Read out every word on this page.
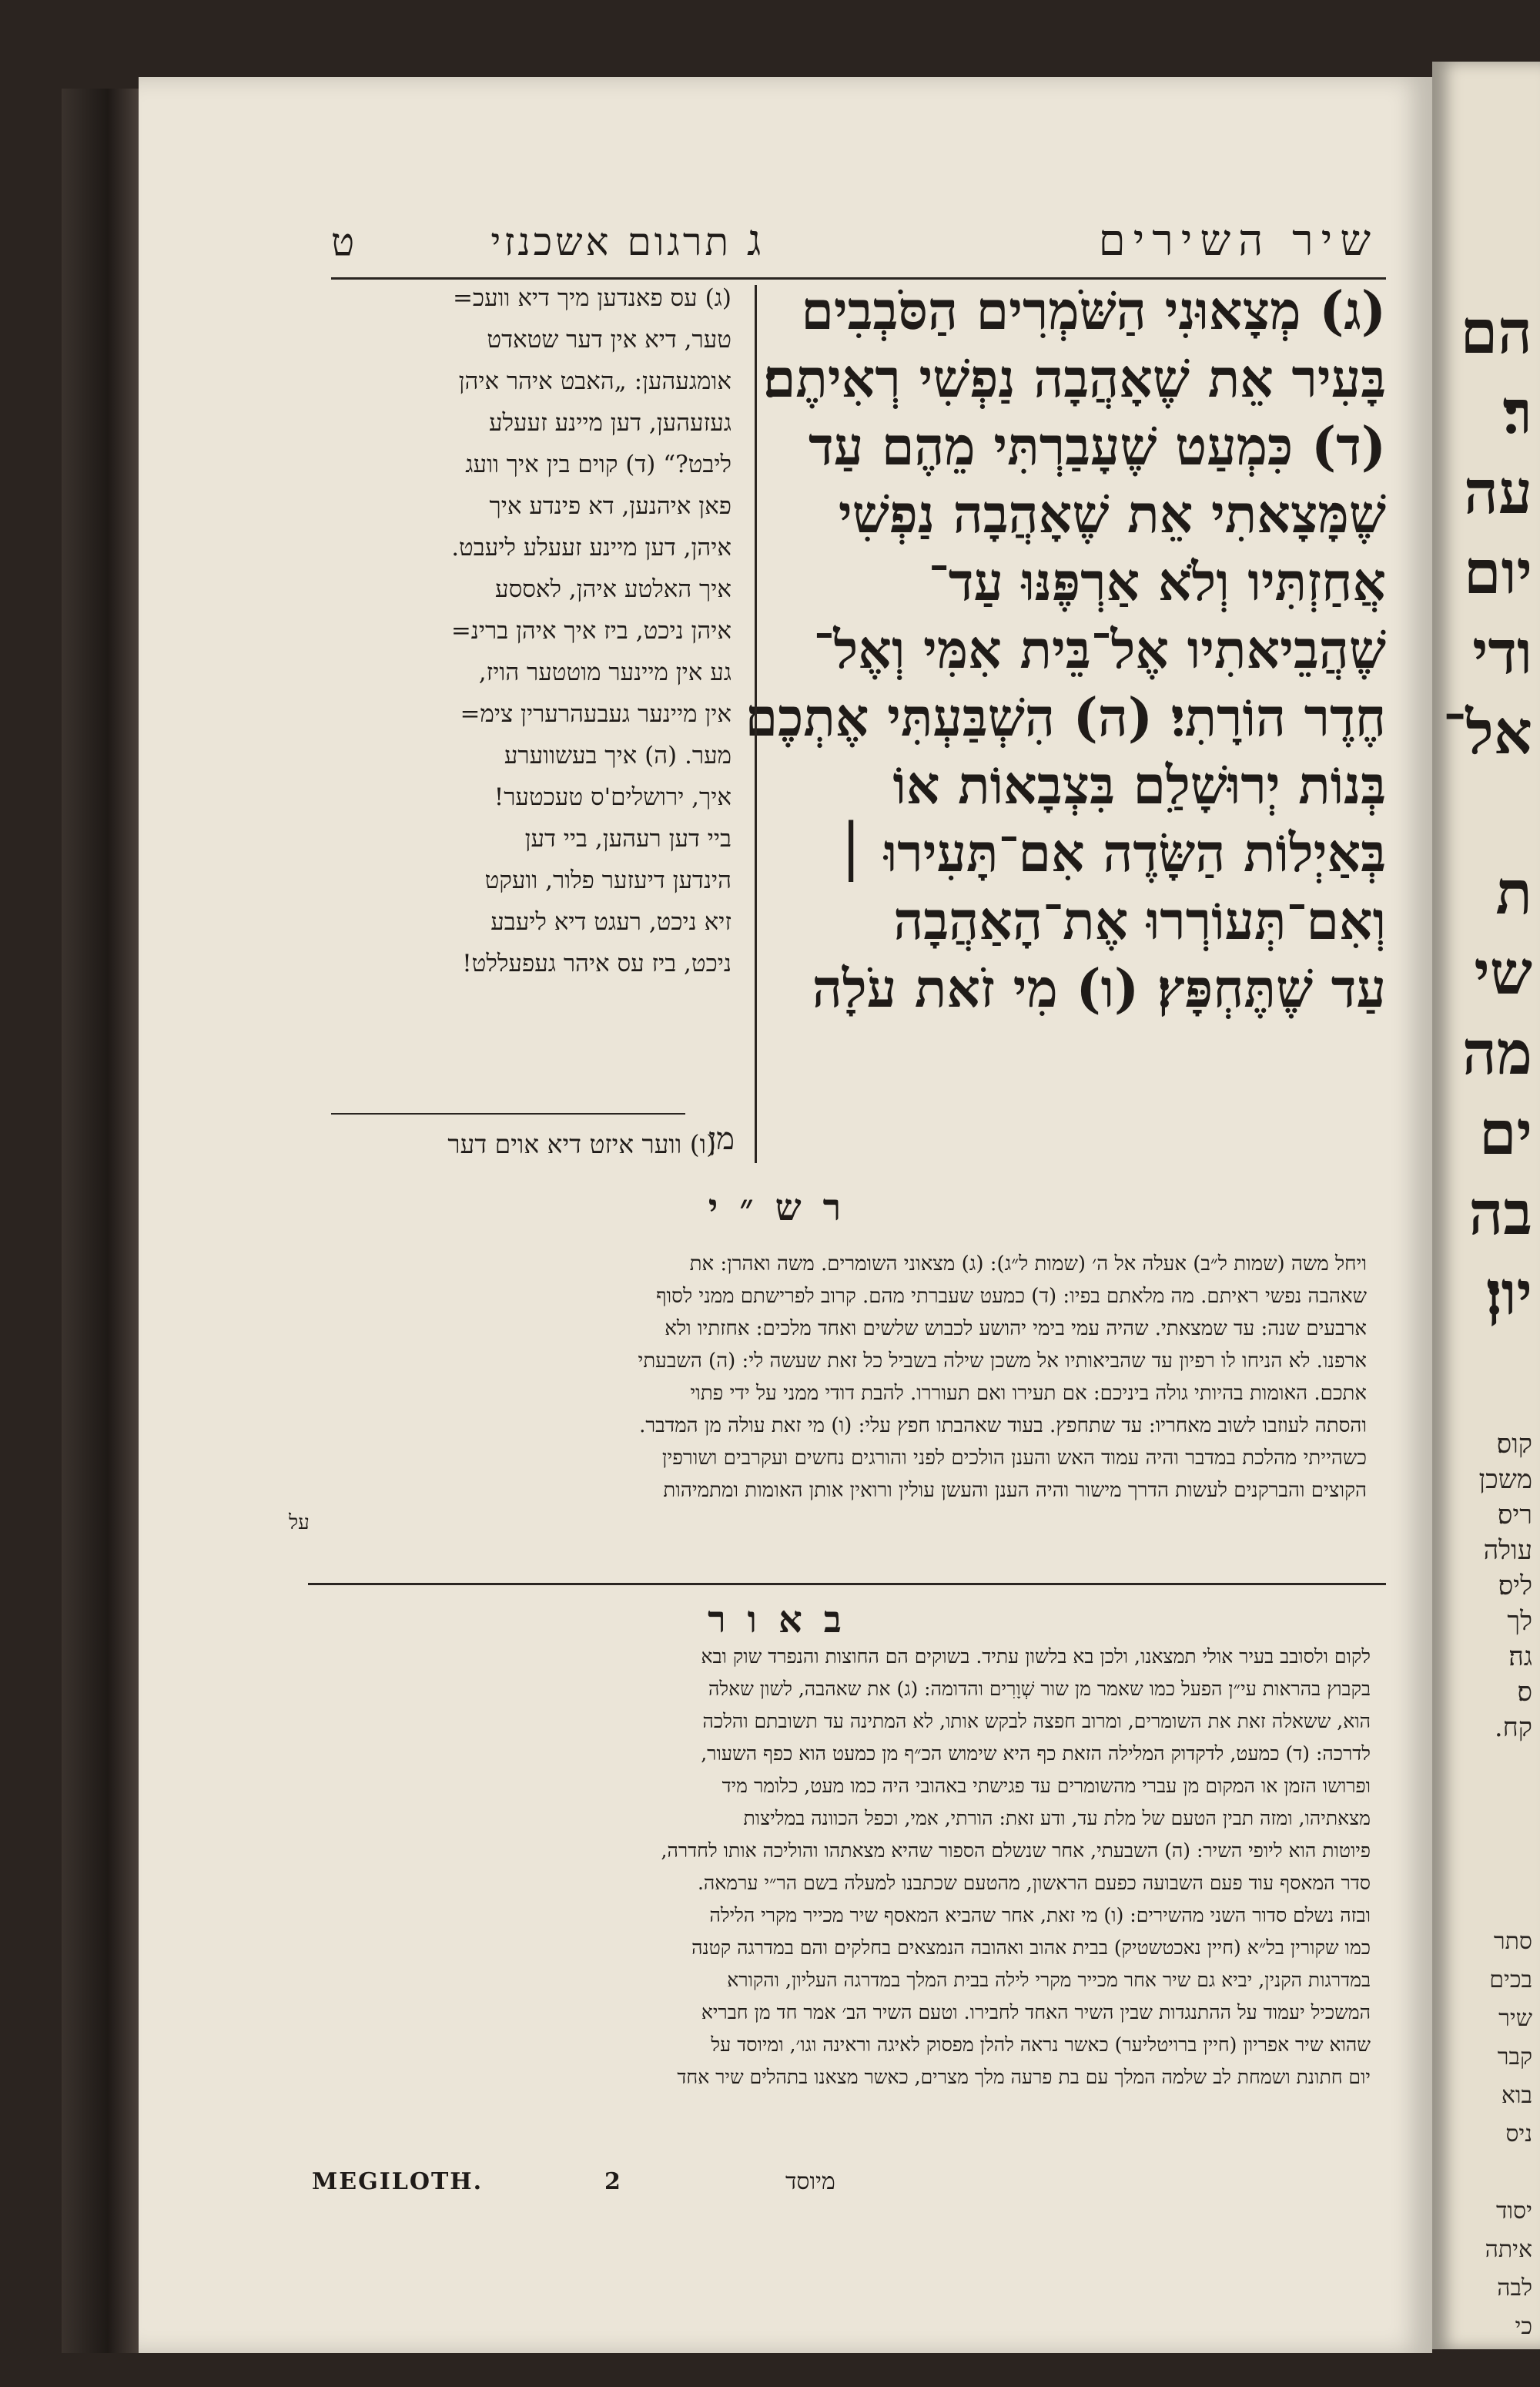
הם
ר׃
עה
יום
ודי
אל־

ת
שי
מה
ים
בה
יון׃
קוס׃
משכן
ריס׃
עולה
ליס׃
לך
גה׃
ס׃
קח.
סתר
בכים
שיר
קבר
בוא
ניס

יסוד
איתה
לבה
כי
שיר השירים
ג
תרגום אשכנזי
ט
(ג) מְצָאוּנִי הַשֹּׁמְרִים הַסֹּבְבִים
בָּעִיר אֵת שֶׁאָהֲבָה נַפְשִׁי רְאִיתֶם׃
(ד) כִּמְעַט שֶׁעָבַרְתִּי מֵהֶם עַד
שֶׁמָּצָאתִי אֵת שֶׁאָהֲבָה נַפְשִׁי
אֲחַזְתִּיו וְלֹא אַרְפֶּנּוּ עַד־
שֶׁהֲבֵיאתִיו אֶל־בֵּית אִמִּי וְאֶל־
חֶדֶר הוֹרָתִי׃ (ה) הִשְׁבַּעְתִּי אֶתְכֶם
בְּנוֹת יְרוּשָׁלִַם בִּצְבָאוֹת אוֹ
בְּאַיְלוֹת הַשָּׂדֶה אִם־תָּעִירוּ ׀
וְאִם־תְּעוֹרְרוּ אֶת־הָאַהֲבָה
עַד שֶׁתֶּחְפָּץ׃ (ו) מִי זֹאת עֹלָה
(ג) עס פאנדען מיך דיא וועכ=
טער, דיא אין דער שטאדט
אומגעהען: „האבט איהר איהן
געזעהען, דען מיינע זעעלע
ליבט?“ (ד) קוים בין איך וועג
פאן איהנען, דא פינדע איך
איהן, דען מיינע זעעלע ליעבט.
איך האלטע איהן, לאססע
איהן ניכט, ביז איך איהן ברינ=
גע אין מיינער מוטטער הויז,
אין מיינער געבעהרערין צימ=
מער. (ה) איך בעשווערע
איך, ירושלים'ס טעכטער!
ביי דען רעהען, ביי דען
הינדען דיעזער פלור, וועקט
זיא ניכט, רעגט דיא ליעבע
ניכט, ביז עס איהר געפעללט!
(ו) ווער איזט דיא אוים דער
מן
רש״י
ויחל משה (שמות ל״ב) אעלה אל ה׳ (שמות ל״ג): (ג) מצאוני השומרים. משה ואהרן: את
שאהבה נפשי ראיתם. מה מלאתם בפיו: (ד) כמעט שעברתי מהם. קרוב לפרישתם ממני לסוף
ארבעים שנה: עד שמצאתי. שהיה עמי בימי יהושע לכבוש שלשים ואחד מלכים: אחזתיו ולא
ארפנו. לא הניחו לו רפיון עד שהביאותיו אל משכן שילה בשביל כל זאת שעשה לי: (ה) השבעתי
אתכם. האומות בהיותי גולה ביניכם: אם תעירו ואם תעוררו. להבת דודי ממני על ידי פתוי
והסתה לעוזבו לשוב מאחריו: עד שתחפץ. בעוד שאהבתו חפץ עלי: (ו) מי זאת עולה מן המדבר.
כשהייתי מהלכת במדבר והיה עמוד האש והענן הולכים לפני והורגים נחשים ועקרבים ושורפין
הקוצים והברקנים לעשות הדרך מישור והיה הענן והעשן עולין ורואין אותן האומות ומתמיהות
על
באור
לקום ולסובב בעיר אולי תמצאנו, ולכן בא בלשון עתיד. בשוקים הם החוצות והנפרד שוק ובא
בקבוץ בהראות עי״ן הפעל כמו שאמר מן שור שְׁוָרִים והדומה: (ג) את שאהבה, לשון שאלה
הוא, ששאלה זאת את השומרים, ומרוב חפצה לבקש אותו, לא המתינה עד תשובתם והלכה
לדרכה: (ד) כמעט, לדקדוק המלילה הזאת כף היא שימוש הכ״ף מן כמעט הוא כפף השעור,
ופרושו הזמן או המקום מן עברי מהשומרים עד פגישתי באהובי היה כמו מעט, כלומר מיד
מצאתיהו, ומזה תבין הטעם של מלת עד, ודע זאת: הורתי, אמי, וכפל הכוונה במליצות
פיוטות הוא ליופי השיר: (ה) השבעתי, אחר שנשלם הספור שהיא מצאתהו והוליכה אותו לחדרה,
סדר המאסף עוד פעם השבועה כפעם הראשון, מהטעם שכתבנו למעלה בשם הר״י ערמאה.
ובזה נשלם סדור השני מהשירים: (ו) מי זאת, אחר שהביא המאסף שיר מכייר מקרי הלילה
כמו שקורין בל״א (חיין נאכטשטיק) בבית אהוב ואהובה הנמצאים בחלקים והם במדרגה קטנה
במדרגות הקנין, יביא גם שיר אחר מכייר מקרי לילה בבית המלך במדרגה העליון, והקורא
המשכיל יעמוד על ההתנגדות שבין השיר האחד לחבירו. וטעם השיר הב׳ אמר חד מן חבריא
שהוא שיר אפריון (חיין ברויטליער) כאשר נראה להלן מפסוק לאיגה וראינה וגו׳, ומיוסד על
יום חתונת ושמחת לב שלמה המלך עם בת פרעה מלך מצרים, כאשר מצאנו בתהלים שיר אחד
MEGILOTH.	2	מיוסד
